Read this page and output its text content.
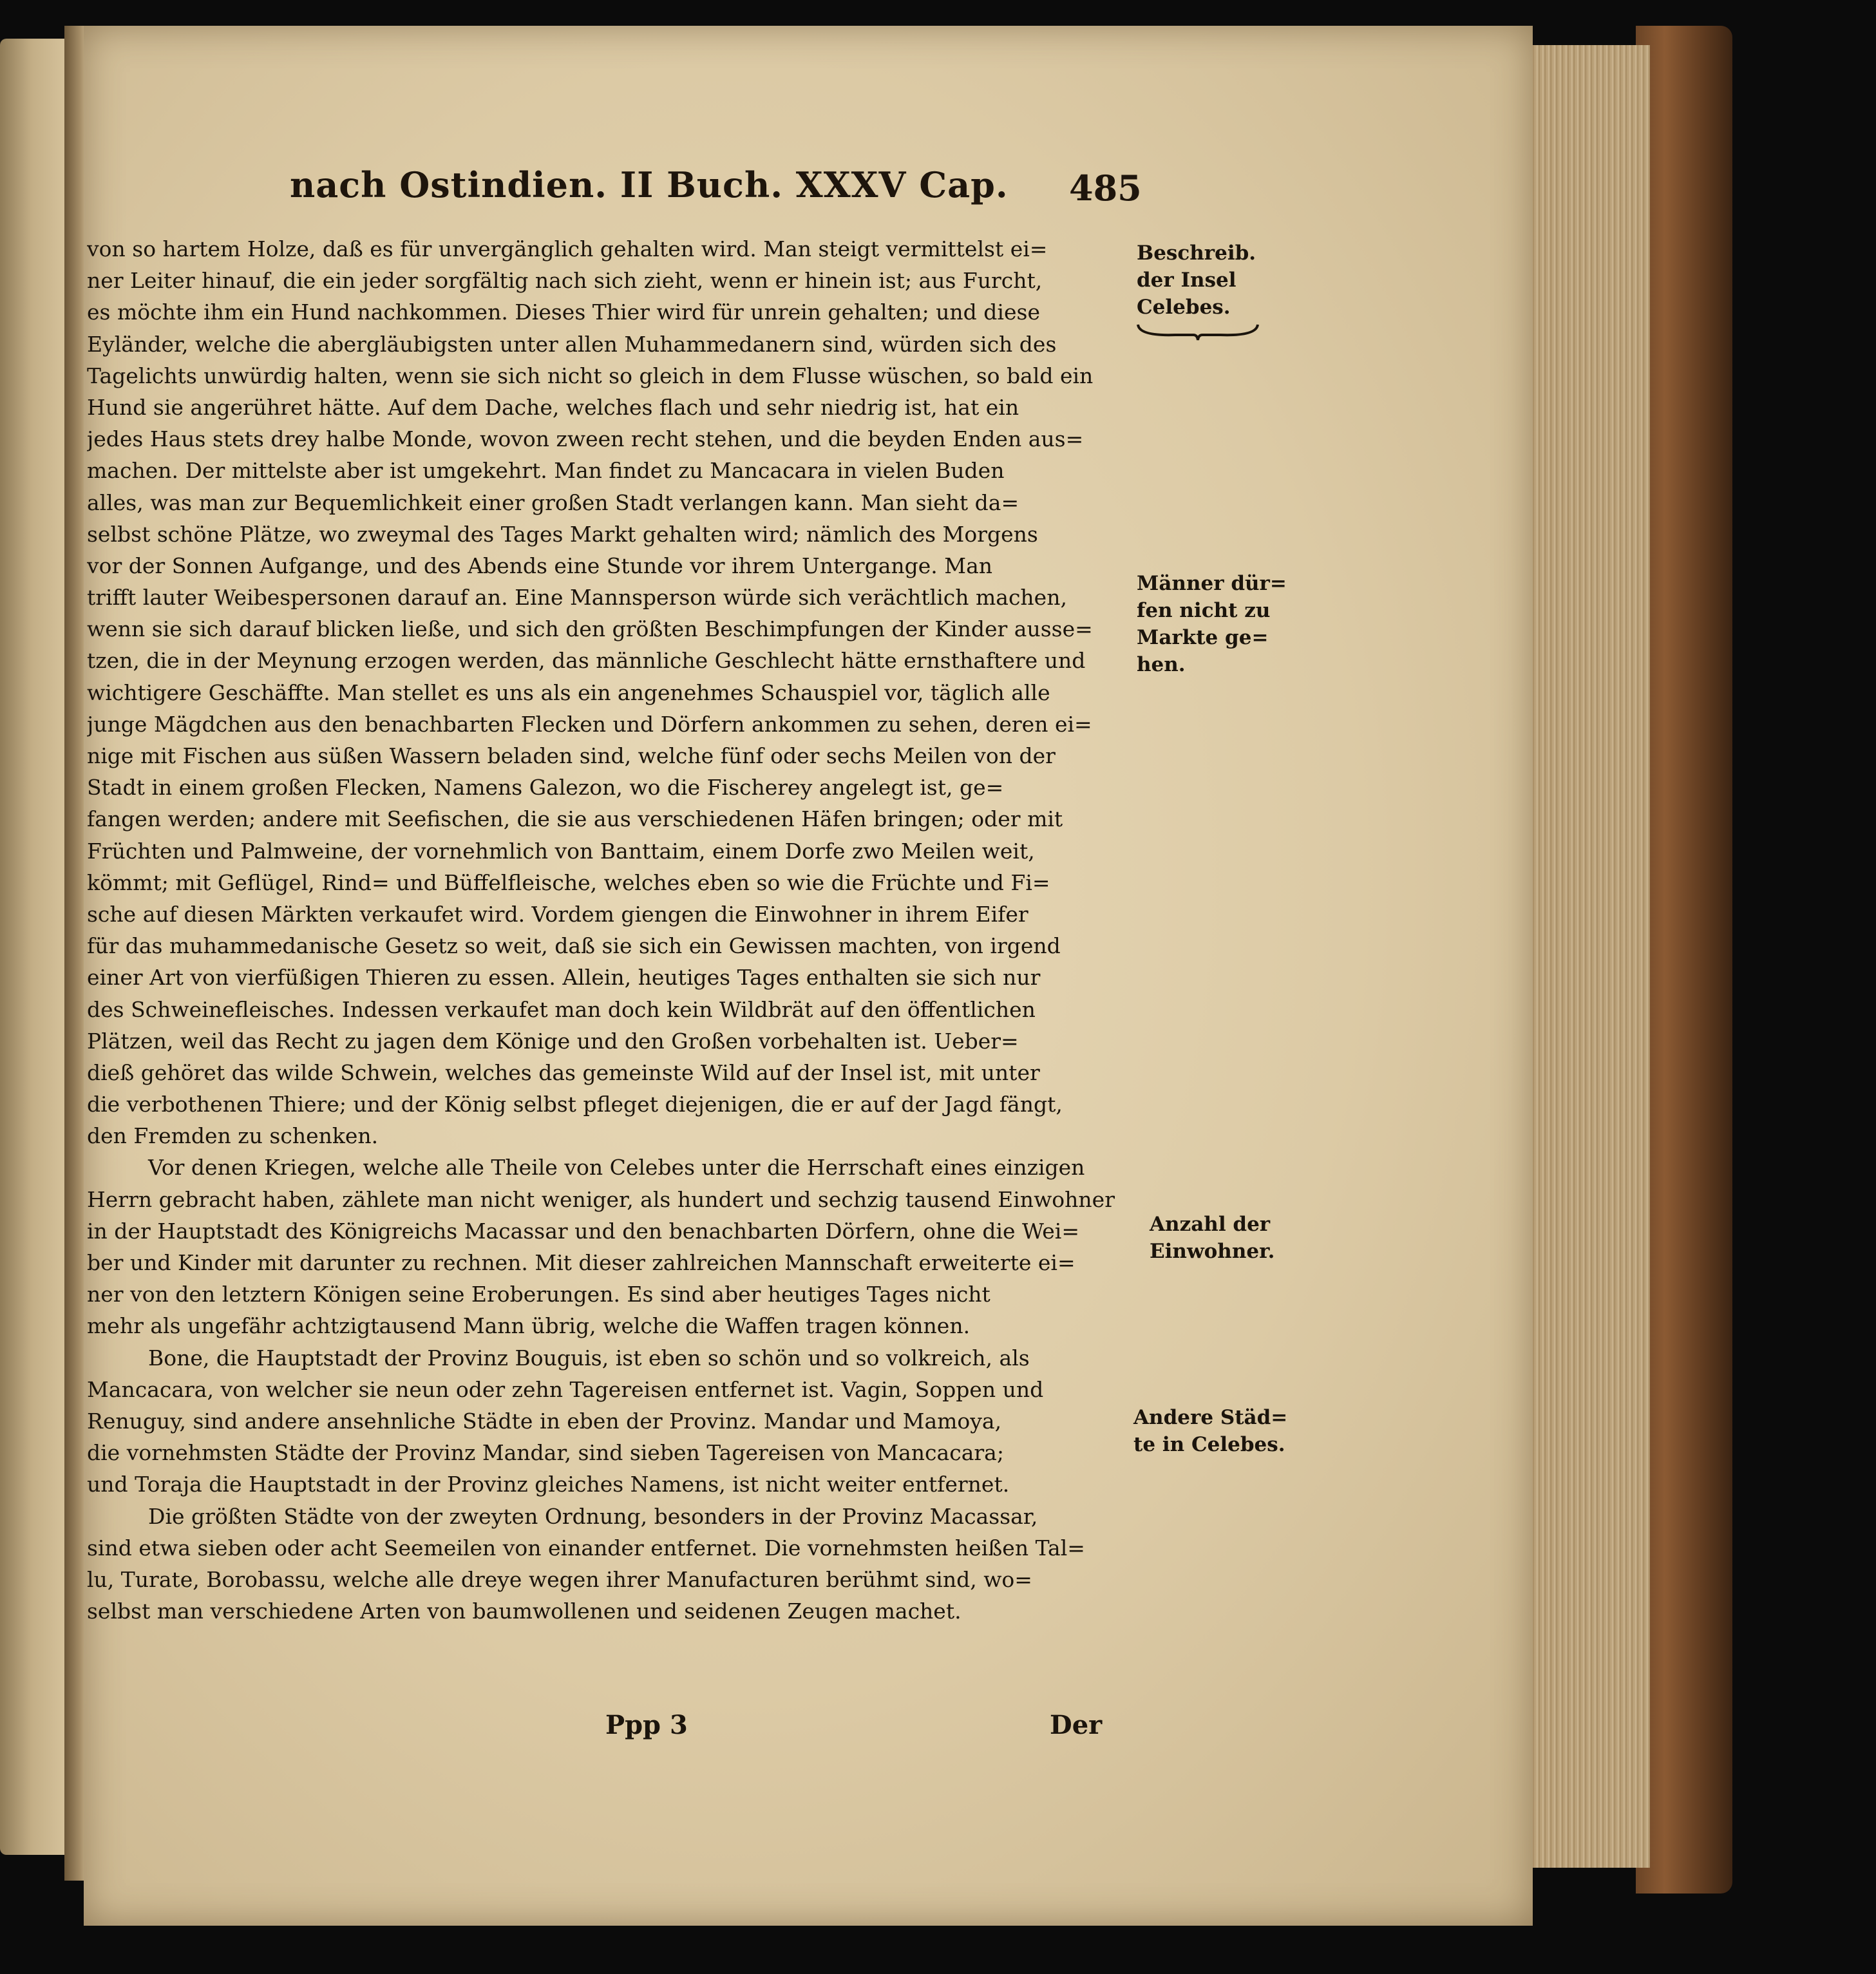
nach Ostindien. II Buch. XXXV Cap.	485
von so hartem Holze, daß es für unvergänglich gehalten wird. Man steigt vermittelst ei=
ner Leiter hinauf, die ein jeder sorgfältig nach sich zieht, wenn er hinein ist; aus Furcht,
es möchte ihm ein Hund nachkommen. Dieses Thier wird für unrein gehalten; und diese
Eyländer, welche die abergläubigsten unter allen Muhammedanern sind, würden sich des
Tagelichts unwürdig halten, wenn sie sich nicht so gleich in dem Flusse wüschen, so bald ein
Hund sie angerühret hätte. Auf dem Dache, welches flach und sehr niedrig ist, hat ein
jedes Haus stets drey halbe Monde, wovon zween recht stehen, und die beyden Enden aus=
machen. Der mittelste aber ist umgekehrt. Man findet zu Mancacara in vielen Buden
alles, was man zur Bequemlichkeit einer großen Stadt verlangen kann. Man sieht da=
selbst schöne Plätze, wo zweymal des Tages Markt gehalten wird; nämlich des Morgens
vor der Sonnen Aufgange, und des Abends eine Stunde vor ihrem Untergange. Man
trifft lauter Weibespersonen darauf an. Eine Mannsperson würde sich verächtlich machen,
wenn sie sich darauf blicken ließe, und sich den größten Beschimpfungen der Kinder ausse=
tzen, die in der Meynung erzogen werden, das männliche Geschlecht hätte ernsthaftere und
wichtigere Geschäffte. Man stellet es uns als ein angenehmes Schauspiel vor, täglich alle
junge Mägdchen aus den benachbarten Flecken und Dörfern ankommen zu sehen, deren ei=
nige mit Fischen aus süßen Wassern beladen sind, welche fünf oder sechs Meilen von der
Stadt in einem großen Flecken, Namens Galezon, wo die Fischerey angelegt ist, ge=
fangen werden; andere mit Seefischen, die sie aus verschiedenen Häfen bringen; oder mit
Früchten und Palmweine, der vornehmlich von Banttaim, einem Dorfe zwo Meilen weit,
kömmt; mit Geflügel, Rind= und Büffelfleische, welches eben so wie die Früchte und Fi=
sche auf diesen Märkten verkaufet wird. Vordem giengen die Einwohner in ihrem Eifer
für das muhammedanische Gesetz so weit, daß sie sich ein Gewissen machten, von irgend
einer Art von vierfüßigen Thieren zu essen. Allein, heutiges Tages enthalten sie sich nur
des Schweinefleisches. Indessen verkaufet man doch kein Wildbrät auf den öffentlichen
Plätzen, weil das Recht zu jagen dem Könige und den Großen vorbehalten ist. Ueber=
dieß gehöret das wilde Schwein, welches das gemeinste Wild auf der Insel ist, mit unter
die verbothenen Thiere; und der König selbst pfleget diejenigen, die er auf der Jagd fängt,
den Fremden zu schenken.
Vor denen Kriegen, welche alle Theile von Celebes unter die Herrschaft eines einzigen
Herrn gebracht haben, zählete man nicht weniger, als hundert und sechzig tausend Einwohner
in der Hauptstadt des Königreichs Macassar und den benachbarten Dörfern, ohne die Wei=
ber und Kinder mit darunter zu rechnen. Mit dieser zahlreichen Mannschaft erweiterte ei=
ner von den letztern Königen seine Eroberungen. Es sind aber heutiges Tages nicht
mehr als ungefähr achtzigtausend Mann übrig, welche die Waffen tragen können.
Bone, die Hauptstadt der Provinz Bouguis, ist eben so schön und so volkreich, als
Mancacara, von welcher sie neun oder zehn Tagereisen entfernet ist. Vagin, Soppen und
Renuguy, sind andere ansehnliche Städte in eben der Provinz. Mandar und Mamoya,
die vornehmsten Städte der Provinz Mandar, sind sieben Tagereisen von Mancacara;
und Toraja die Hauptstadt in der Provinz gleiches Namens, ist nicht weiter entfernet.
Die größten Städte von der zweyten Ordnung, besonders in der Provinz Macassar,
sind etwa sieben oder acht Seemeilen von einander entfernet. Die vornehmsten heißen Tal=
lu, Turate, Borobassu, welche alle dreye wegen ihrer Manufacturen berühmt sind, wo=
selbst man verschiedene Arten von baumwollenen und seidenen Zeugen machet.
Beschreib.
der Insel
Celebes.
Männer dür=
fen nicht zu
Markte ge=
hen.
Anzahl der
Einwohner.
Andere Städ=
te in Celebes.
Ppp 3	Der
